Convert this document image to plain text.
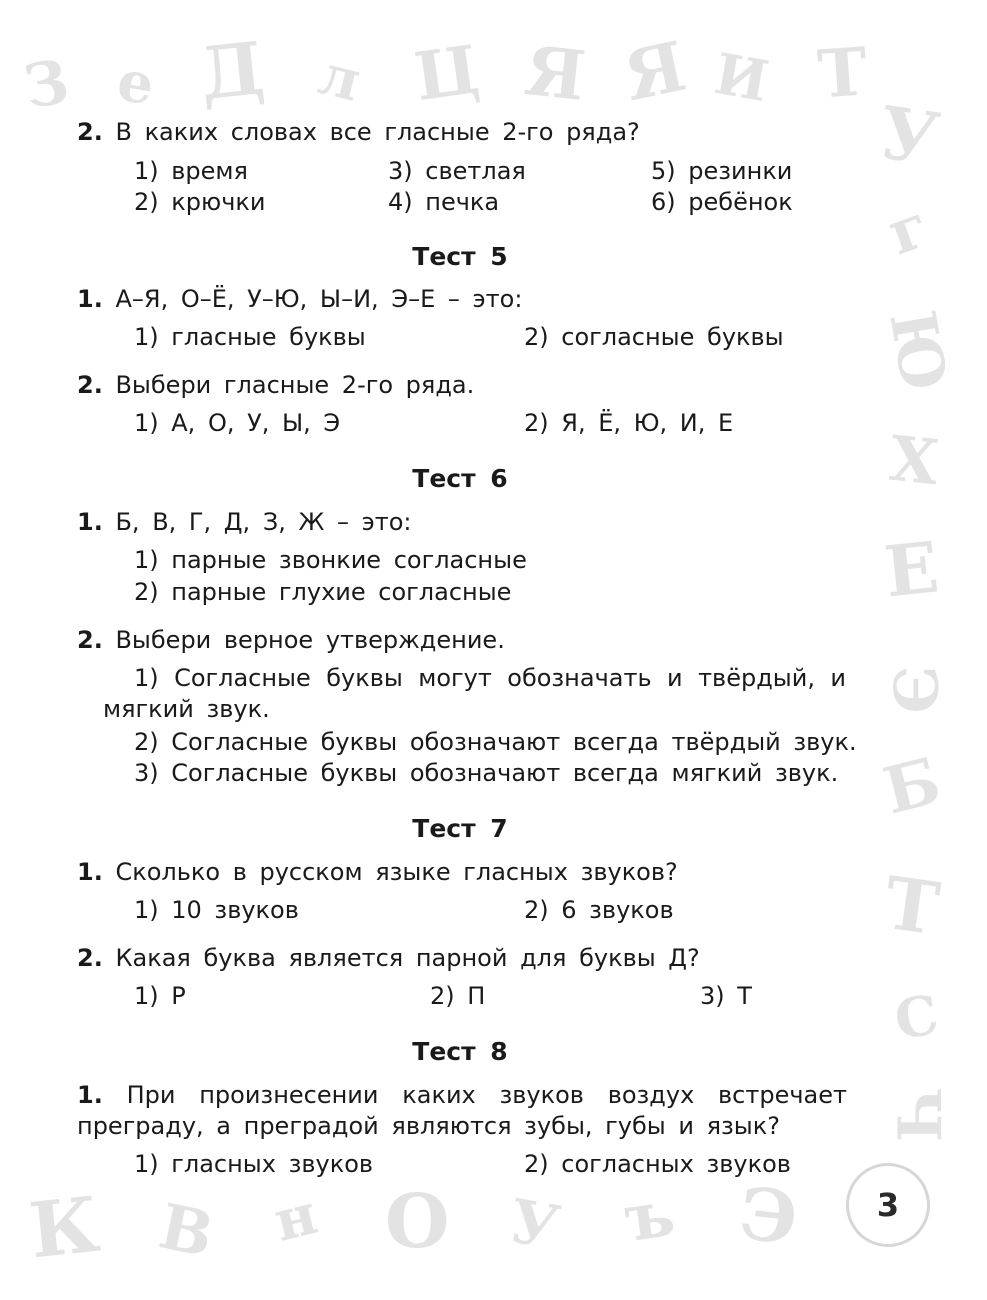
З е Д л Ц Я Я И Т
У
г
Ю
Х
Е
Э
Б
Т
С
Ч
К В н О У ъ Э
2. В каких словах все гласные 2-го ряда?
1) время
2) крючки
3) светлая
4) печка
5) резинки
6) ребёнок
Тест 5
1. А–Я, О–Ё, У–Ю, Ы–И, Э–Е – это:
1) гласные буквы	2) согласные буквы
2. Выбери гласные 2-го ряда.
1) А, О, У, Ы, Э	2) Я, Ё, Ю, И, Е
Тест 6
1. Б, В, Г, Д, З, Ж – это:
1) парные звонкие согласные
2) парные глухие согласные
2. Выбери верное утверждение.
1) Согласные буквы могут обозначать и твёрдый, и мягкий звук.
2) Согласные буквы обозначают всегда твёрдый звук.
3) Согласные буквы обозначают всегда мягкий звук.
Тест 7
1. Сколько в русском языке гласных звуков?
1) 10 звуков	2) 6 звуков
2. Какая буква является парной для буквы Д?
1) Р	2) П	3) Т
Тест 8
1. При произнесении каких звуков воздух встречает преграду, а преградой являются зубы, губы и язык?
1) гласных звуков	2) согласных звуков
3
